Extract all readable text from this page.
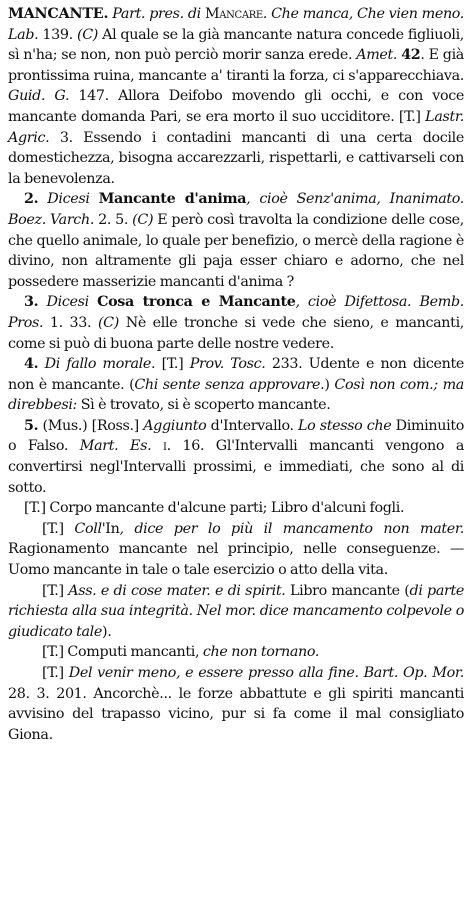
MANCANTE. Part. pres. di Mancare. Che manca, Che vien meno. Lab. 139. (C) Al quale se la già mancante natura concede figliuoli, sì n'ha; se non, non può perciò morir sanza erede. Amet. 42. E già prontissima ruina, mancante a' tiranti la forza, ci s'apparecchiava. Guid. G. 147. Allora Deifobo movendo gli occhi, e con voce mancante domanda Pari, se era morto il suo ucciditore. [T.] Lastr. Agric. 3. Essendo i contadini mancanti di una certa docile domestichezza, bisogna accarezzarli, rispettarli, e cattivarseli con la benevolenza.

2. Dicesi Mancante d'anima, cioè Senz'anima, Inanimato. Boez. Varch. 2. 5. (C) E però così travolta la condizione delle cose, che quello animale, lo quale per benefizio, o mercè della ragione è divino, non altramente gli paja esser chiaro e adorno, che nel possedere masserizie mancanti d'anima ?

3. Dicesi Cosa tronca e Mancante, cioè Difettosa. Bemb. Pros. 1. 33. (C) Nè elle tronche si vede che sieno, e mancanti, come si può di buona parte delle nostre vedere.

4. Di fallo morale. [T.] Prov. Tosc. 233. Udente e non dicente non è mancante. (Chi sente senza approvare.) Così non com.; ma direbbesi: Sì è trovato, si è scoperto mancante.

5. (Mus.) [Ross.] Aggiunto d'Intervallo. Lo stesso che Diminuito o Falso. Mart. Es. i. 16. Gl'Intervalli mancanti vengono a convertirsi negl'Intervalli prossimi, e immediati, che sono al di sotto.

[T.] Corpo mancante d'alcune parti; Libro d'alcuni fogli.

[T.] Coll'In, dice per lo più il mancamento non mater. Ragionamento mancante nel principio, nelle conseguenze. — Uomo mancante in tale o tale esercizio o atto della vita.

[T.] Ass. e di cose mater. e di spirit. Libro mancante (di parte richiesta alla sua integrità. Nel mor. dice mancamento colpevole o giudicato tale).

[T.] Computi mancanti, che non tornano.

[T.] Del venir meno, e essere presso alla fine. Bart. Op. Mor. 28. 3. 201. Ancorchè... le forze abbattute e gli spiriti mancanti avvisino del trapasso vicino, pur si fa come il mal consigliato Giona.
